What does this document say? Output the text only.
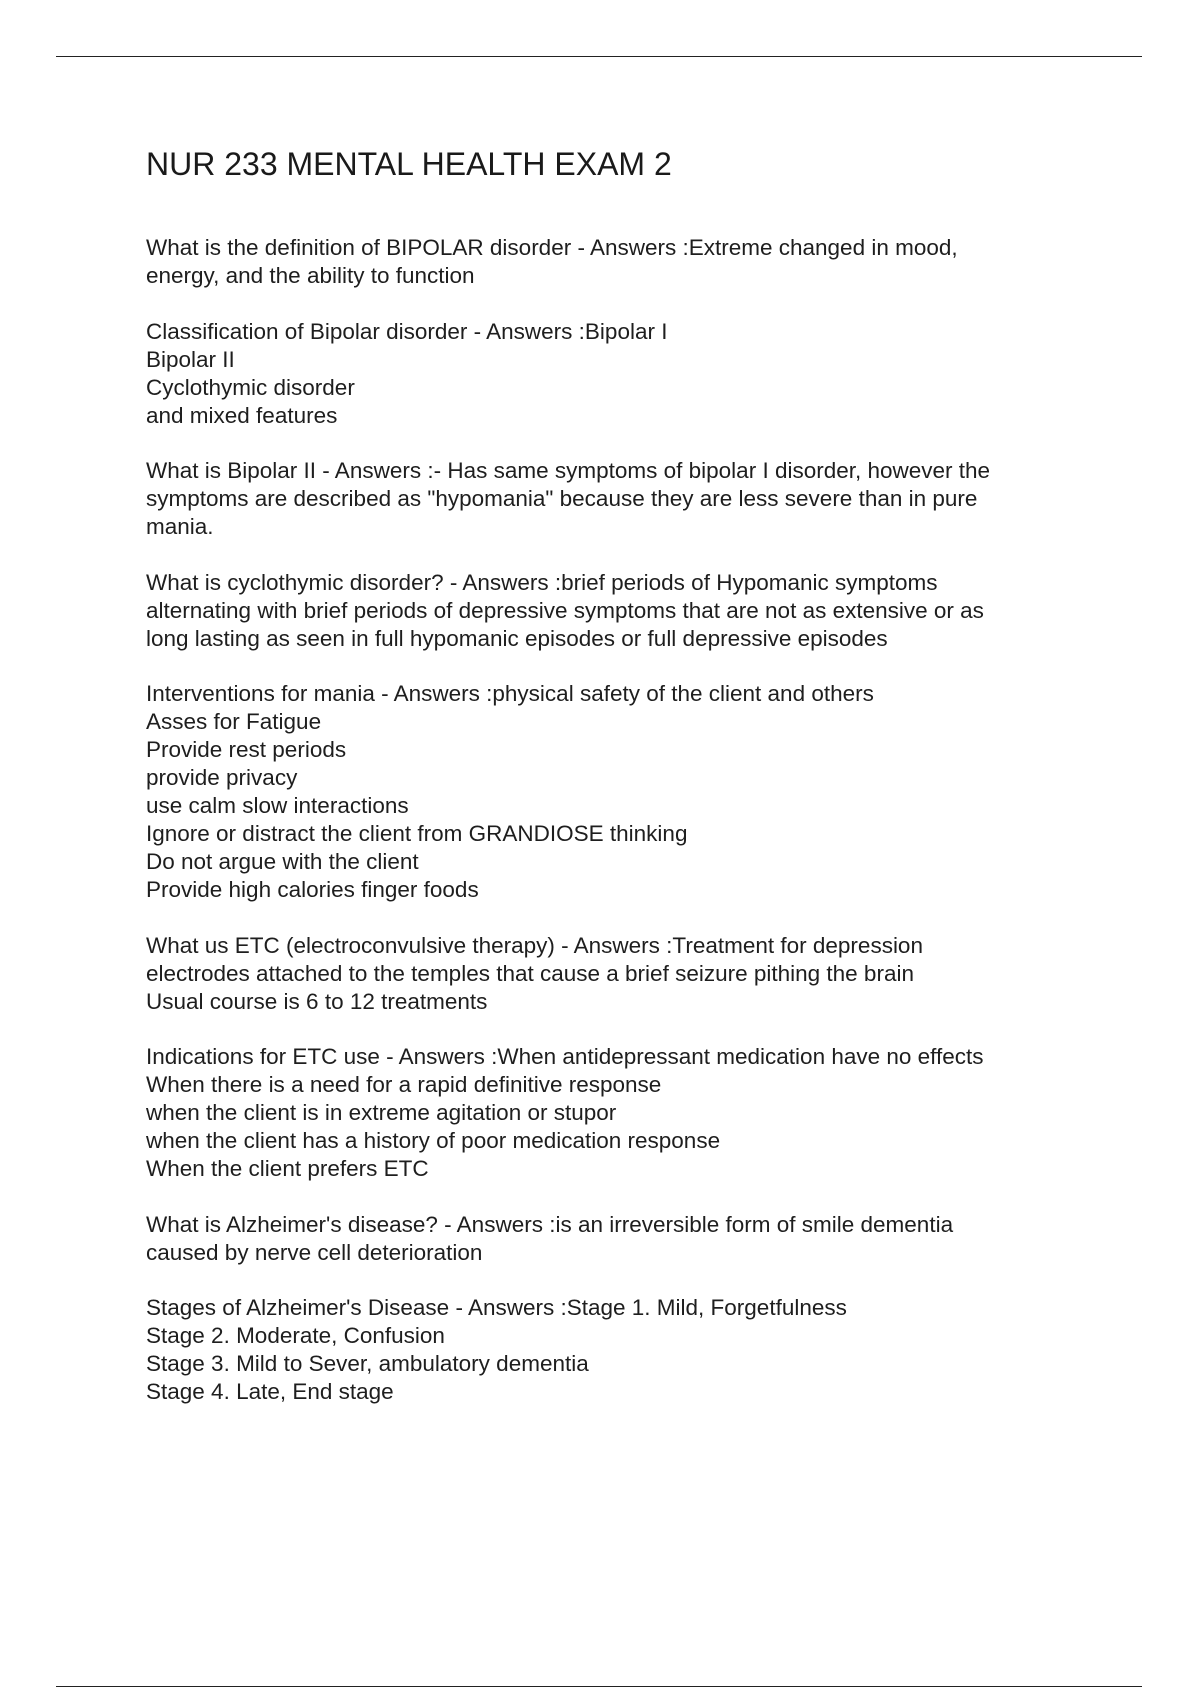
NUR 233 MENTAL HEALTH EXAM 2
What is the definition of BIPOLAR disorder - Answers :Extreme changed in mood,
energy, and the ability to function
Classification of Bipolar disorder - Answers :Bipolar I
Bipolar II
Cyclothymic disorder
and mixed features
What is Bipolar II - Answers :- Has same symptoms of bipolar I disorder, however the
symptoms are described as "hypomania" because they are less severe than in pure
mania.
What is cyclothymic disorder? - Answers :brief periods of Hypomanic symptoms
alternating with brief periods of depressive symptoms that are not as extensive or as
long lasting as seen in full hypomanic episodes or full depressive episodes
Interventions for mania - Answers :physical safety of the client and others
Asses for Fatigue
Provide rest periods
provide privacy
use calm slow interactions
Ignore or distract the client from GRANDIOSE thinking
Do not argue with the client
Provide high calories finger foods
What us ETC (electroconvulsive therapy) - Answers :Treatment for depression
electrodes attached to the temples that cause a brief seizure pithing the brain
Usual course is 6 to 12 treatments
Indications for ETC use - Answers :When antidepressant medication have no effects
When there is a need for a rapid definitive response
when the client is in extreme agitation or stupor
when the client has a history of poor medication response
When the client prefers ETC
What is Alzheimer's disease? - Answers :is an irreversible form of smile dementia
caused by nerve cell deterioration
Stages of Alzheimer's Disease - Answers :Stage 1. Mild, Forgetfulness
Stage 2. Moderate, Confusion
Stage 3. Mild to Sever, ambulatory dementia
Stage 4. Late, End stage
